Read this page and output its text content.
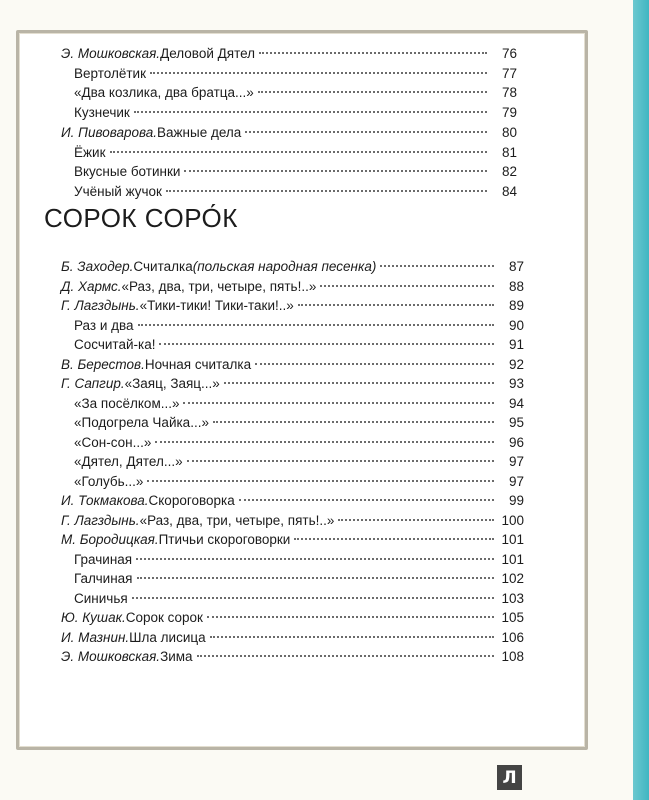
Э. Мошковская. Деловой Дятел	76
Вертолётик	77
«Два козлика, два братца...»	78
Кузнечик	79
И. Пивоварова. Важные дела	80
Ёжик	81
Вкусные ботинки	82
Учёный жучок	84
СОРОК СОРО́К
Б. Заходер. Считалка (польская народная песенка)	87
Д. Хармс. «Раз, два, три, четыре, пять!..»	88
Г. Лагздынь. «Тики-тики! Тики-таки!..»	89
Раз и два	90
Сосчитай-ка!	91
В. Берестов. Ночная считалка	92
Г. Сапгир. «Заяц, Заяц...»	93
«За посёлком...»	94
«Подогрела Чайка...»	95
«Сон-сон...»	96
«Дятел, Дятел...»	97
«Голубь...»	97
И. Токмакова. Скороговорка	99
Г. Лагздынь. «Раз, два, три, четыре, пять!..»	100
М. Бородицкая. Птичьи скороговорки	101
Грачиная	101
Галчиная	102
Синичья	103
Ю. Кушак. Сорок сорок	105
И. Мазнин. Шла лисица	106
Э. Мошковская. Зима	108
Л
